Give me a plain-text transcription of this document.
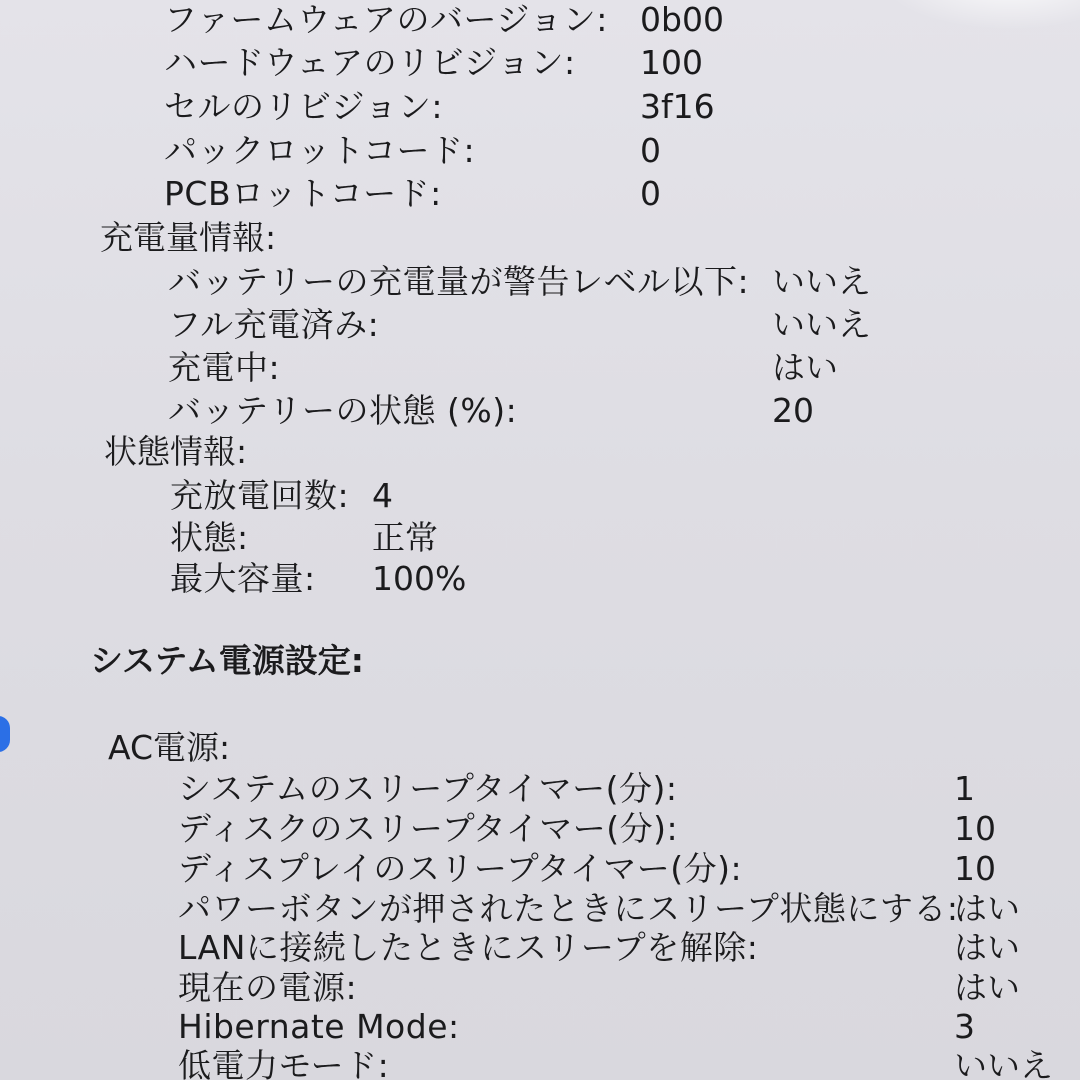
ファームウェアのバージョン: 0b00
ハードウェアのリビジョン: 100
セルのリビジョン:	3f16
パックロットコード:	0
PCBロットコード:	0
充電量情報:
バッテリーの充電量が警告レベル以下: いいえ
フル充電済み:	いいえ
充電中:	はい
バッテリーの状態 (%):	20
状態情報:
充放電回数: 4
状態:	正常
最大容量: 100%
システム電源設定:
AC電源:
システムのスリープタイマー(分):	1
ディスクのスリープタイマー(分):	10
ディスプレイのスリープタイマー(分):	10
パワーボタンが押されたときにスリープ状態にする:
はい
LANに接続したときにスリープを解除:	はい
現在の電源:	はい
Hibernate Mode:	3
低電力モード:	いいえ
